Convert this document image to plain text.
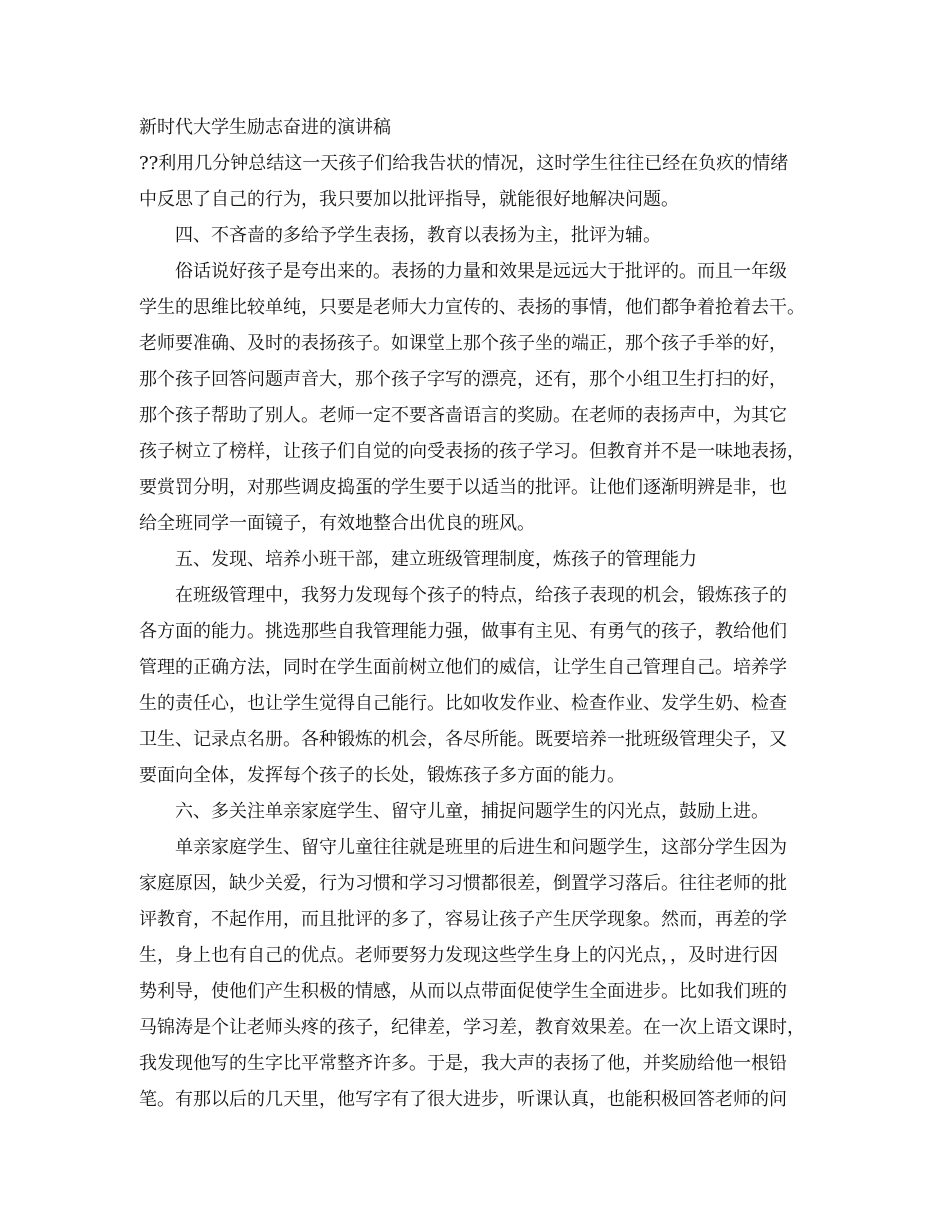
新时代大学生励志奋进的演讲稿
??利用几分钟总结这一天孩子们给我告状的情况，这时学生往往已经在负疚的情绪
中反思了自己的行为，我只要加以批评指导，就能很好地解决问题。
四、不吝啬的多给予学生表扬，教育以表扬为主，批评为辅。
俗话说好孩子是夸出来的。表扬的力量和效果是远远大于批评的。而且一年级
学生的思维比较单纯，只要是老师大力宣传的、表扬的事情，他们都争着抢着去干。
老师要准确、及时的表扬孩子。如课堂上那个孩子坐的端正，那个孩子手举的好，
那个孩子回答问题声音大，那个孩子字写的漂亮，还有，那个小组卫生打扫的好，
那个孩子帮助了别人。老师一定不要吝啬语言的奖励。在老师的表扬声中，为其它
孩子树立了榜样，让孩子们自觉的向受表扬的孩子学习。但教育并不是一味地表扬，
要赏罚分明，对那些调皮捣蛋的学生要于以适当的批评。让他们逐渐明辨是非，也
给全班同学一面镜子，有效地整合出优良的班风。
五、发现、培养小班干部，建立班级管理制度，炼孩子的管理能力
在班级管理中，我努力发现每个孩子的特点，给孩子表现的机会，锻炼孩子的
各方面的能力。挑选那些自我管理能力强，做事有主见、有勇气的孩子，教给他们
管理的正确方法，同时在学生面前树立他们的威信，让学生自己管理自己。培养学
生的责任心，也让学生觉得自己能行。比如收发作业、检查作业、发学生奶、检查
卫生、记录点名册。各种锻炼的机会，各尽所能。既要培养一批班级管理尖子，又
要面向全体，发挥每个孩子的长处，锻炼孩子多方面的能力。
六、多关注单亲家庭学生、留守儿童，捕捉问题学生的闪光点，鼓励上进。
单亲家庭学生、留守儿童往往就是班里的后进生和问题学生，这部分学生因为
家庭原因，缺少关爱，行为习惯和学习习惯都很差，倒置学习落后。往往老师的批
评教育，不起作用，而且批评的多了，容易让孩子产生厌学现象。然而，再差的学
生，身上也有自己的优点。老师要努力发现这些学生身上的闪光点，，及时进行因
势利导，使他们产生积极的情感，从而以点带面促使学生全面进步。比如我们班的
马锦涛是个让老师头疼的孩子，纪律差，学习差，教育效果差。在一次上语文课时，
我发现他写的生字比平常整齐许多。于是，我大声的表扬了他，并奖励给他一根铅
笔。有那以后的几天里，他写字有了很大进步，听课认真，也能积极回答老师的问
